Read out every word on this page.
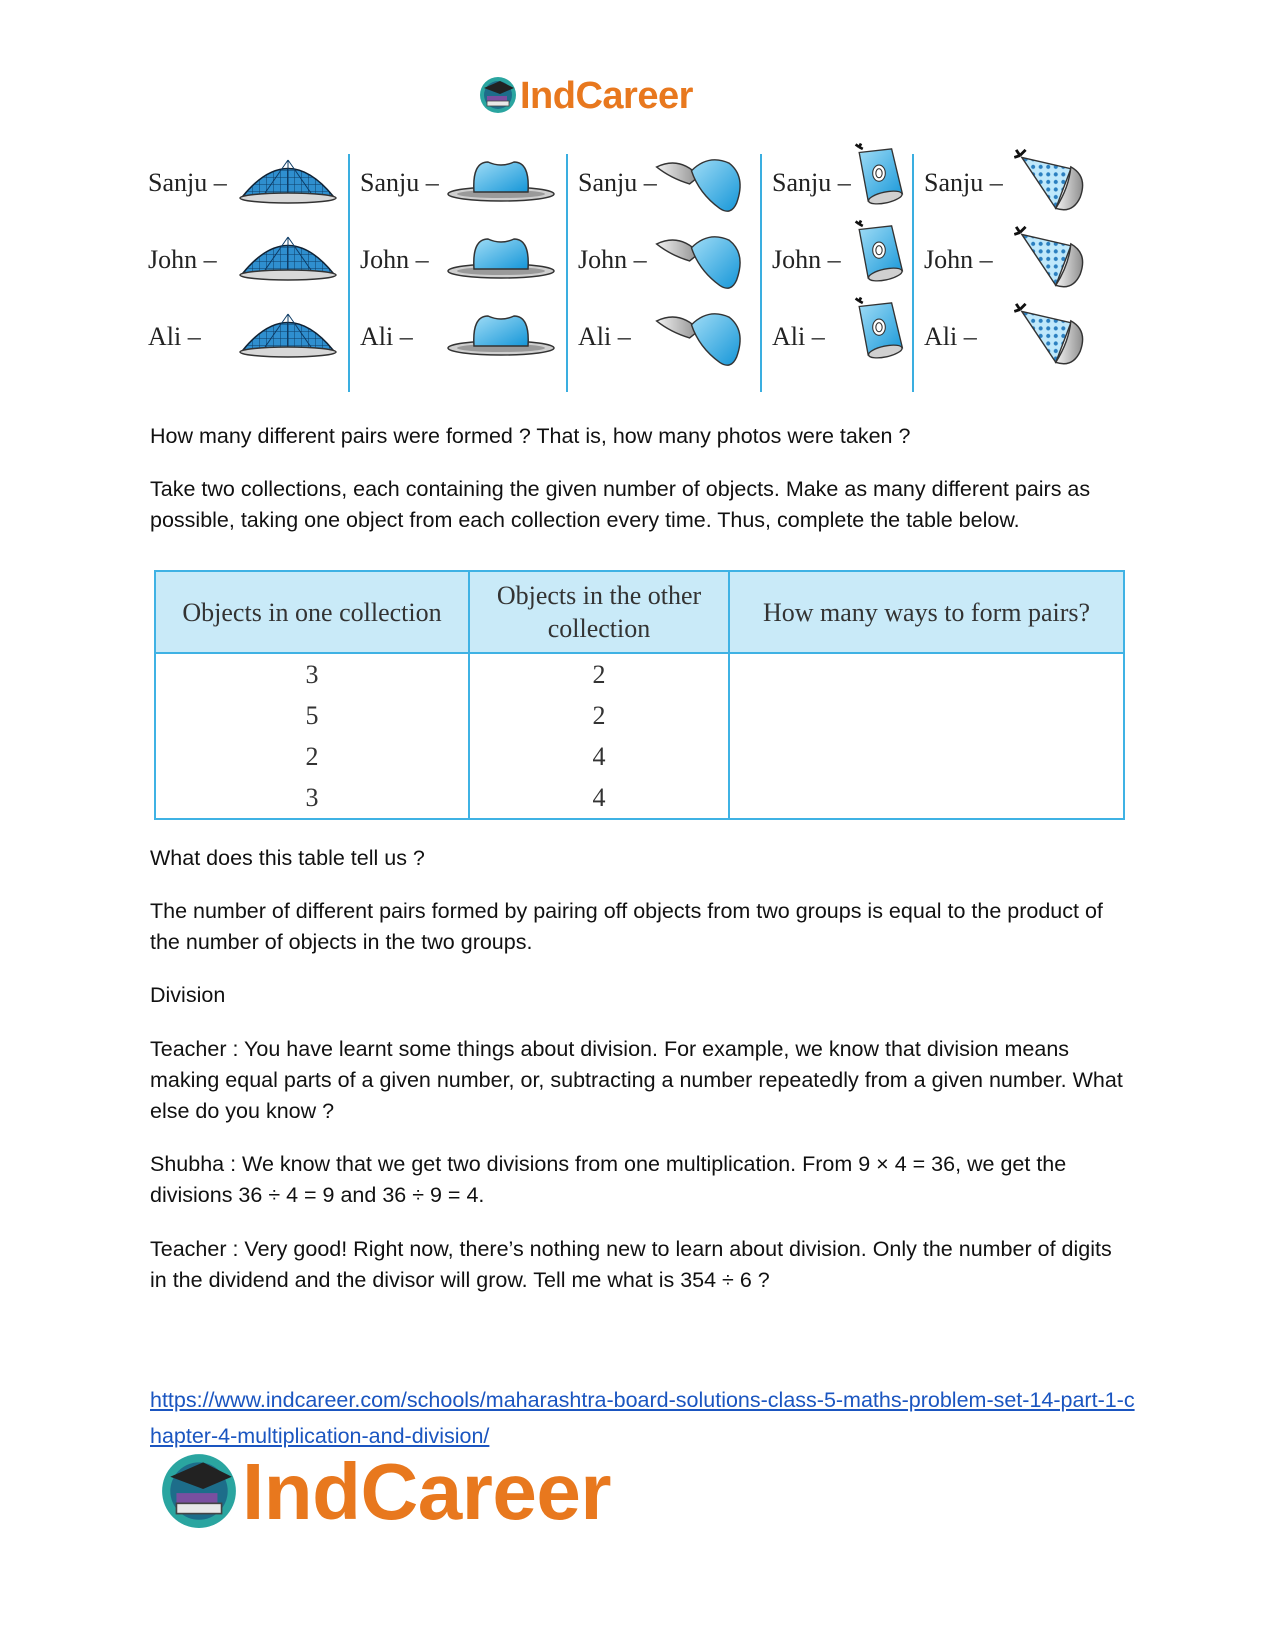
IndCareer
Sanju –
John –
Ali –
Sanju –
John –
Ali –
Sanju –
John –
Ali –
Sanju –
John –
Ali –
Sanju –
John –
Ali –
How many different pairs were formed ? That is, how many photos were taken ?
Take two collections, each containing the given number of objects. Make as many different pairs as possible, taking one object from each collection every time. Thus, complete the table below.
Objects in one collection	Objects in the other collection	How many ways to form pairs?
3	2	
5	2	
2	4	
3	4	
What does this table tell us ?
The number of different pairs formed by pairing off objects from two groups is equal to the product of the number of objects in the two groups.
Division
Teacher : You have learnt some things about division. For example, we know that division means making equal parts of a given number, or, subtracting a number repeatedly from a given number. What else do you know ?
Shubha : We know that we get two divisions from one multiplication. From 9 × 4 = 36, we get the divisions 36 ÷ 4 = 9 and 36 ÷ 9 = 4.
Teacher : Very good! Right now, there’s nothing new to learn about division. Only the number of digits in the dividend and the divisor will grow. Tell me what is 354 ÷ 6 ?
https://www.indcareer.com/schools/maharashtra-board-solutions-class-5-maths-problem-set-14-part-1-chapter-4-multiplication-and-division/
IndCareer
